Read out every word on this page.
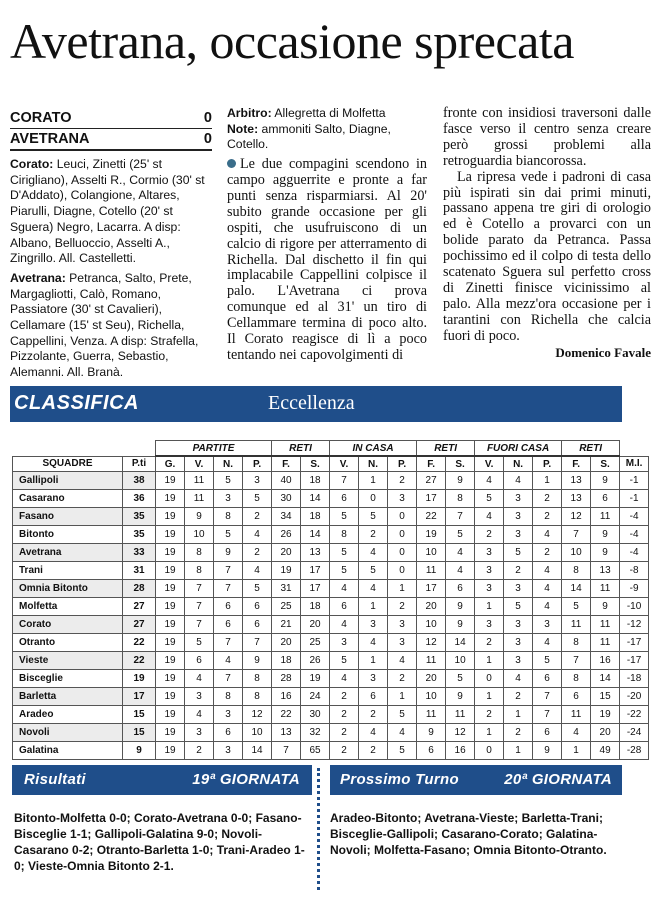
Avetrana, occasione sprecata
CORATO	0
AVETRANA	0
Corato: Leuci, Zinetti (25' st Cirigliano), Asselti R., Cormio (30' st D'Addato), Colangione, Altares, Piarulli, Diagne, Cotello (20' st Sguera) Negro, Lacarra. A disp: Albano, Belluoccio, Asselti A., Zingrillo. All. Castelletti.
Avetrana: Petranca, Salto, Prete, Margagliotti, Calò, Romano, Passiatore (30' st Cavalieri), Cellamare (15' st Seu), Richella, Cappellini, Venza. A disp: Strafella, Pizzolante, Guerra, Sebastio, Alemanni. All. Branà.
Arbitro: Allegretta di Molfetta
Note: ammoniti Salto, Diagne, Cotello.
Le due compagini scendono in campo agguerrite e pronte a far punti senza risparmiarsi. Al 20' subito grande occasione per gli ospiti, che usufruiscono di un calcio di rigore per atterramento di Richella. Dal dischetto il fin qui implacabile Cappellini colpisce il palo. L'Avetrana ci prova comunque ed al 31' un tiro di Cellammare termina di poco alto. Il Corato reagisce di lì a poco tentando nei capovolgimenti di
fronte con insidiosi traversoni dalle fasce verso il centro senza creare però grossi problemi alla retroguardia biancorossa.
La ripresa vede i padroni di casa più ispirati sin dai primi minuti, passano appena tre giri di orologio ed è Cotello a provarci con un bolide parato da Petranca. Passa pochissimo ed il colpo di testa dello scatenato Sguera sul perfetto cross di Zinetti finisce vicinissimo al palo. Alla mezz'ora occasione per i tarantini con Richella che calcia fuori di poco.
Domenico Favale
CLASSIFICA	Eccellenza
		PARTITE				RETI		IN CASA			RETI		FUORI CASA			RETI		
SQUADRE	P.ti	G.	V.	N.	P.	F.	S.	V.	N.	P.	F.	S.	V.	N.	P.	F.	S.	M.I.
Gallipoli	38	19	11	5	3	40	18	7	1	2	27	9	4	4	1	13	9	-1
Casarano	36	19	11	3	5	30	14	6	0	3	17	8	5	3	2	13	6	-1
Fasano	35	19	9	8	2	34	18	5	5	0	22	7	4	3	2	12	11	-4
Bitonto	35	19	10	5	4	26	14	8	2	0	19	5	2	3	4	7	9	-4
Avetrana	33	19	8	9	2	20	13	5	4	0	10	4	3	5	2	10	9	-4
Trani	31	19	8	7	4	19	17	5	5	0	11	4	3	2	4	8	13	-8
Omnia Bitonto	28	19	7	7	5	31	17	4	4	1	17	6	3	3	4	14	11	-9
Molfetta	27	19	7	6	6	25	18	6	1	2	20	9	1	5	4	5	9	-10
Corato	27	19	7	6	6	21	20	4	3	3	10	9	3	3	3	11	11	-12
Otranto	22	19	5	7	7	20	25	3	4	3	12	14	2	3	4	8	11	-17
Vieste	22	19	6	4	9	18	26	5	1	4	11	10	1	3	5	7	16	-17
Bisceglie	19	19	4	7	8	28	19	4	3	2	20	5	0	4	6	8	14	-18
Barletta	17	19	3	8	8	16	24	2	6	1	10	9	1	2	7	6	15	-20
Aradeo	15	19	4	3	12	22	30	2	2	5	11	11	2	1	7	11	19	-22
Novoli	15	19	3	6	10	13	32	2	4	4	9	12	1	2	6	4	20	-24
Galatina	9	19	2	3	14	7	65	2	2	5	6	16	0	1	9	1	49	-28
Risultati	19ª GIORNATA
Bitonto-Molfetta 0-0; Corato-Avetrana 0-0; Fasano-Bisceglie 1-1; Gallipoli-Galatina 9-0; Novoli-Casarano 0-2; Otranto-Barletta 1-0; Trani-Aradeo 1-0; Vieste-Omnia Bitonto 2-1.
Prossimo Turno	20ª GIORNATA
Aradeo-Bitonto; Avetrana-Vieste; Barletta-Trani; Bisceglie-Gallipoli; Casarano-Corato; Galatina-Novoli; Molfetta-Fasano; Omnia Bitonto-Otranto.
